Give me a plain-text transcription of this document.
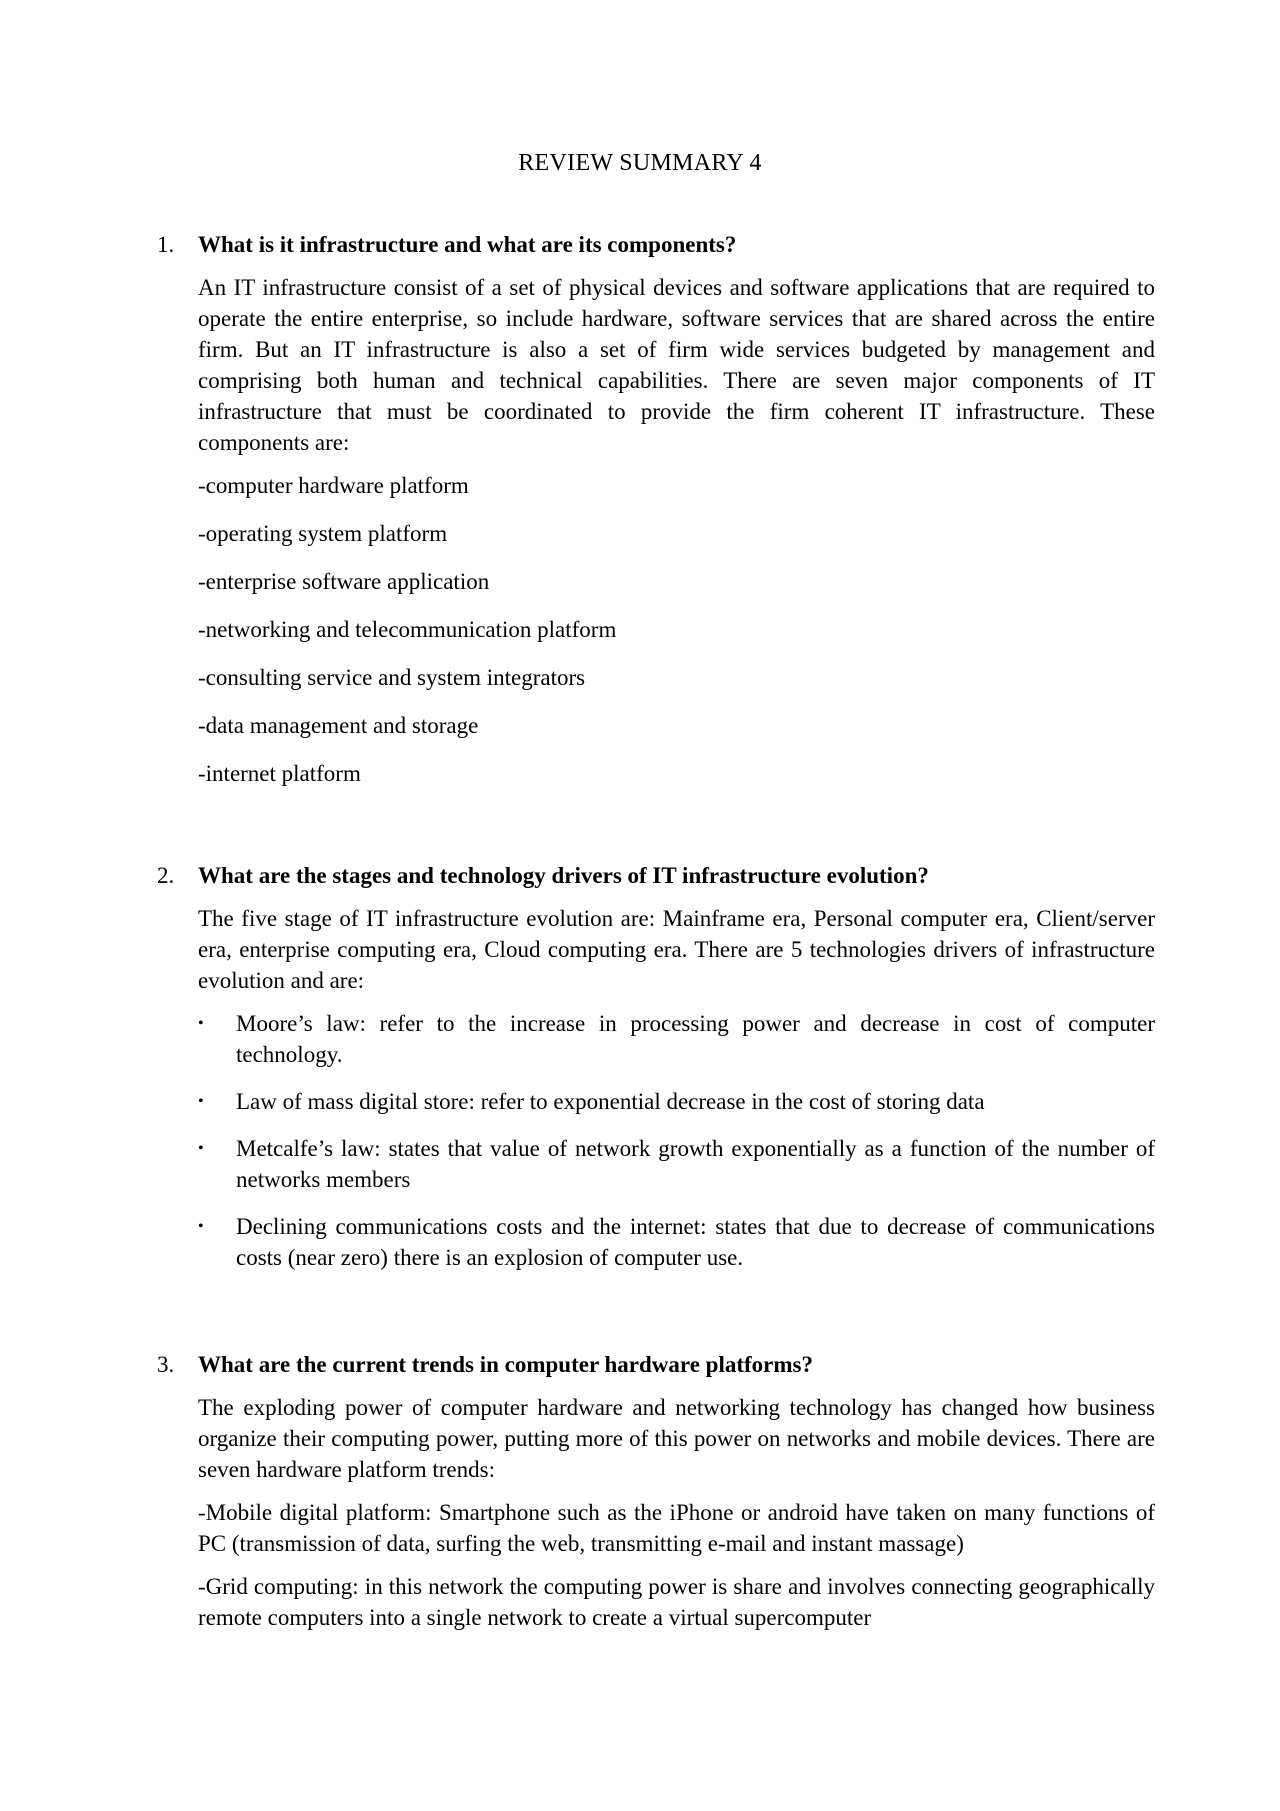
REVIEW SUMMARY 4
1. What is it infrastructure and what are its components?
An IT infrastructure consist of a set of physical devices and software applications that are required to operate the entire enterprise, so include hardware, software services that are shared across the entire firm. But an IT infrastructure is also a set of firm wide services budgeted by management and comprising both human and technical capabilities. There are seven major components of IT infrastructure that must be coordinated to provide the firm coherent IT infrastructure. These components are:
-computer hardware platform
-operating system platform
-enterprise software application
-networking and telecommunication platform
-consulting service and system integrators
-data management and storage
-internet platform
2. What are the stages and technology drivers of IT infrastructure evolution?
The five stage of IT infrastructure evolution are: Mainframe era, Personal computer era, Client/server era, enterprise computing era, Cloud computing era. There are 5 technologies drivers of infrastructure evolution and are:
• Moore’s law: refer to the increase in processing power and decrease in cost of computer technology.
• Law of mass digital store: refer to exponential decrease in the cost of storing data
• Metcalfe’s law: states that value of network growth exponentially as a function of the number of networks members
• Declining communications costs and the internet: states that due to decrease of communications costs (near zero) there is an explosion of computer use.
3. What are the current trends in computer hardware platforms?
The exploding power of computer hardware and networking technology has changed how business organize their computing power, putting more of this power on networks and mobile devices. There are seven hardware platform trends:
-Mobile digital platform: Smartphone such as the iPhone or android have taken on many functions of PC (transmission of data, surfing the web, transmitting e-mail and instant massage)
-Grid computing: in this network the computing power is share and involves connecting geographically remote computers into a single network to create a virtual supercomputer
